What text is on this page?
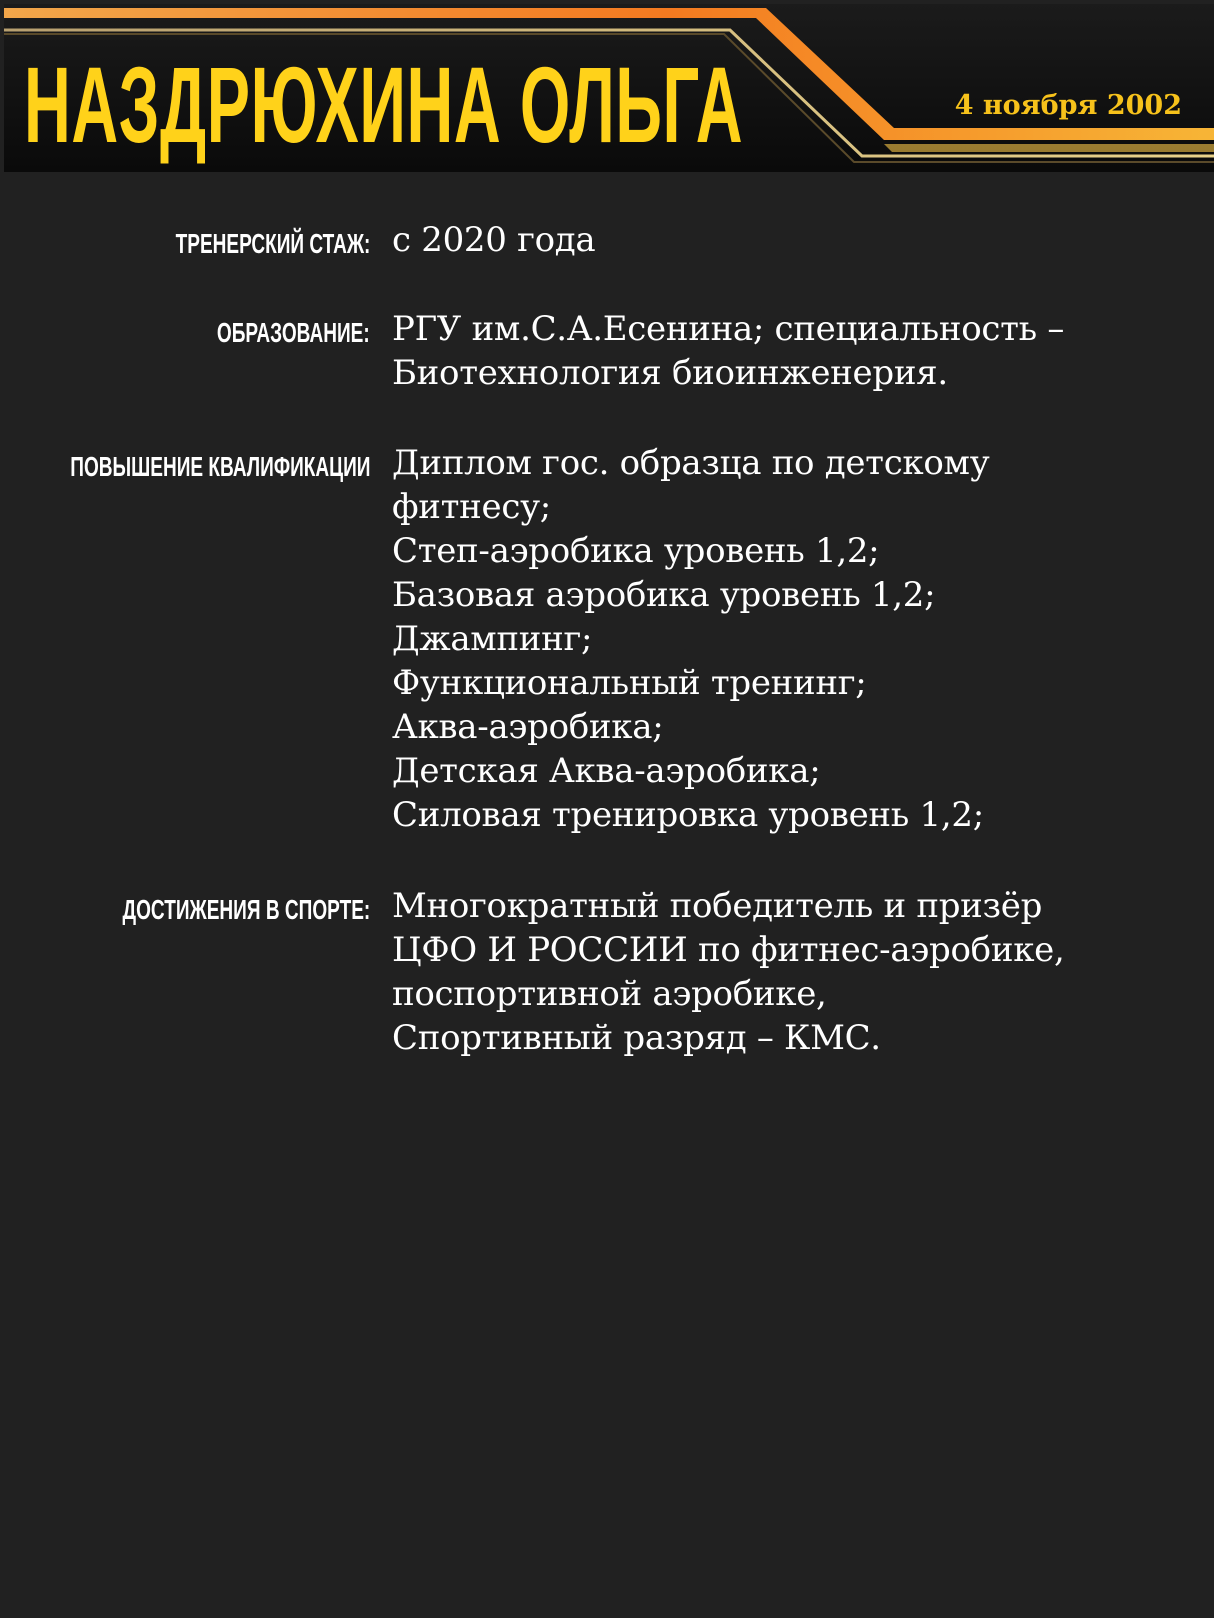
НАЗДРЮХИНА ОЛЬГА	4 ноября 2002
ТРЕНЕРСКИЙ СТАЖ: с 2020 года
ОБРАЗОВАНИЕ: РГУ им.С.А.Есенина; специальность –
Биотехнология биоинженерия.
ПОВЫШЕНИЕ КВАЛИФИКАЦИИ Диплом гос. образца по детскому
фитнесу;
Степ-аэробика уровень 1,2;
Базовая аэробика уровень 1,2;
Джампинг;
Функциональный тренинг;
Аква-аэробика;
Детская Аква-аэробика;
Силовая тренировка уровень 1,2;
ДОСТИЖЕНИЯ В СПОРТЕ: Многократный победитель и призёр
ЦФО И РОССИИ по фитнес-аэробике,
поспортивной аэробике,
Спортивный разряд – КМС.
